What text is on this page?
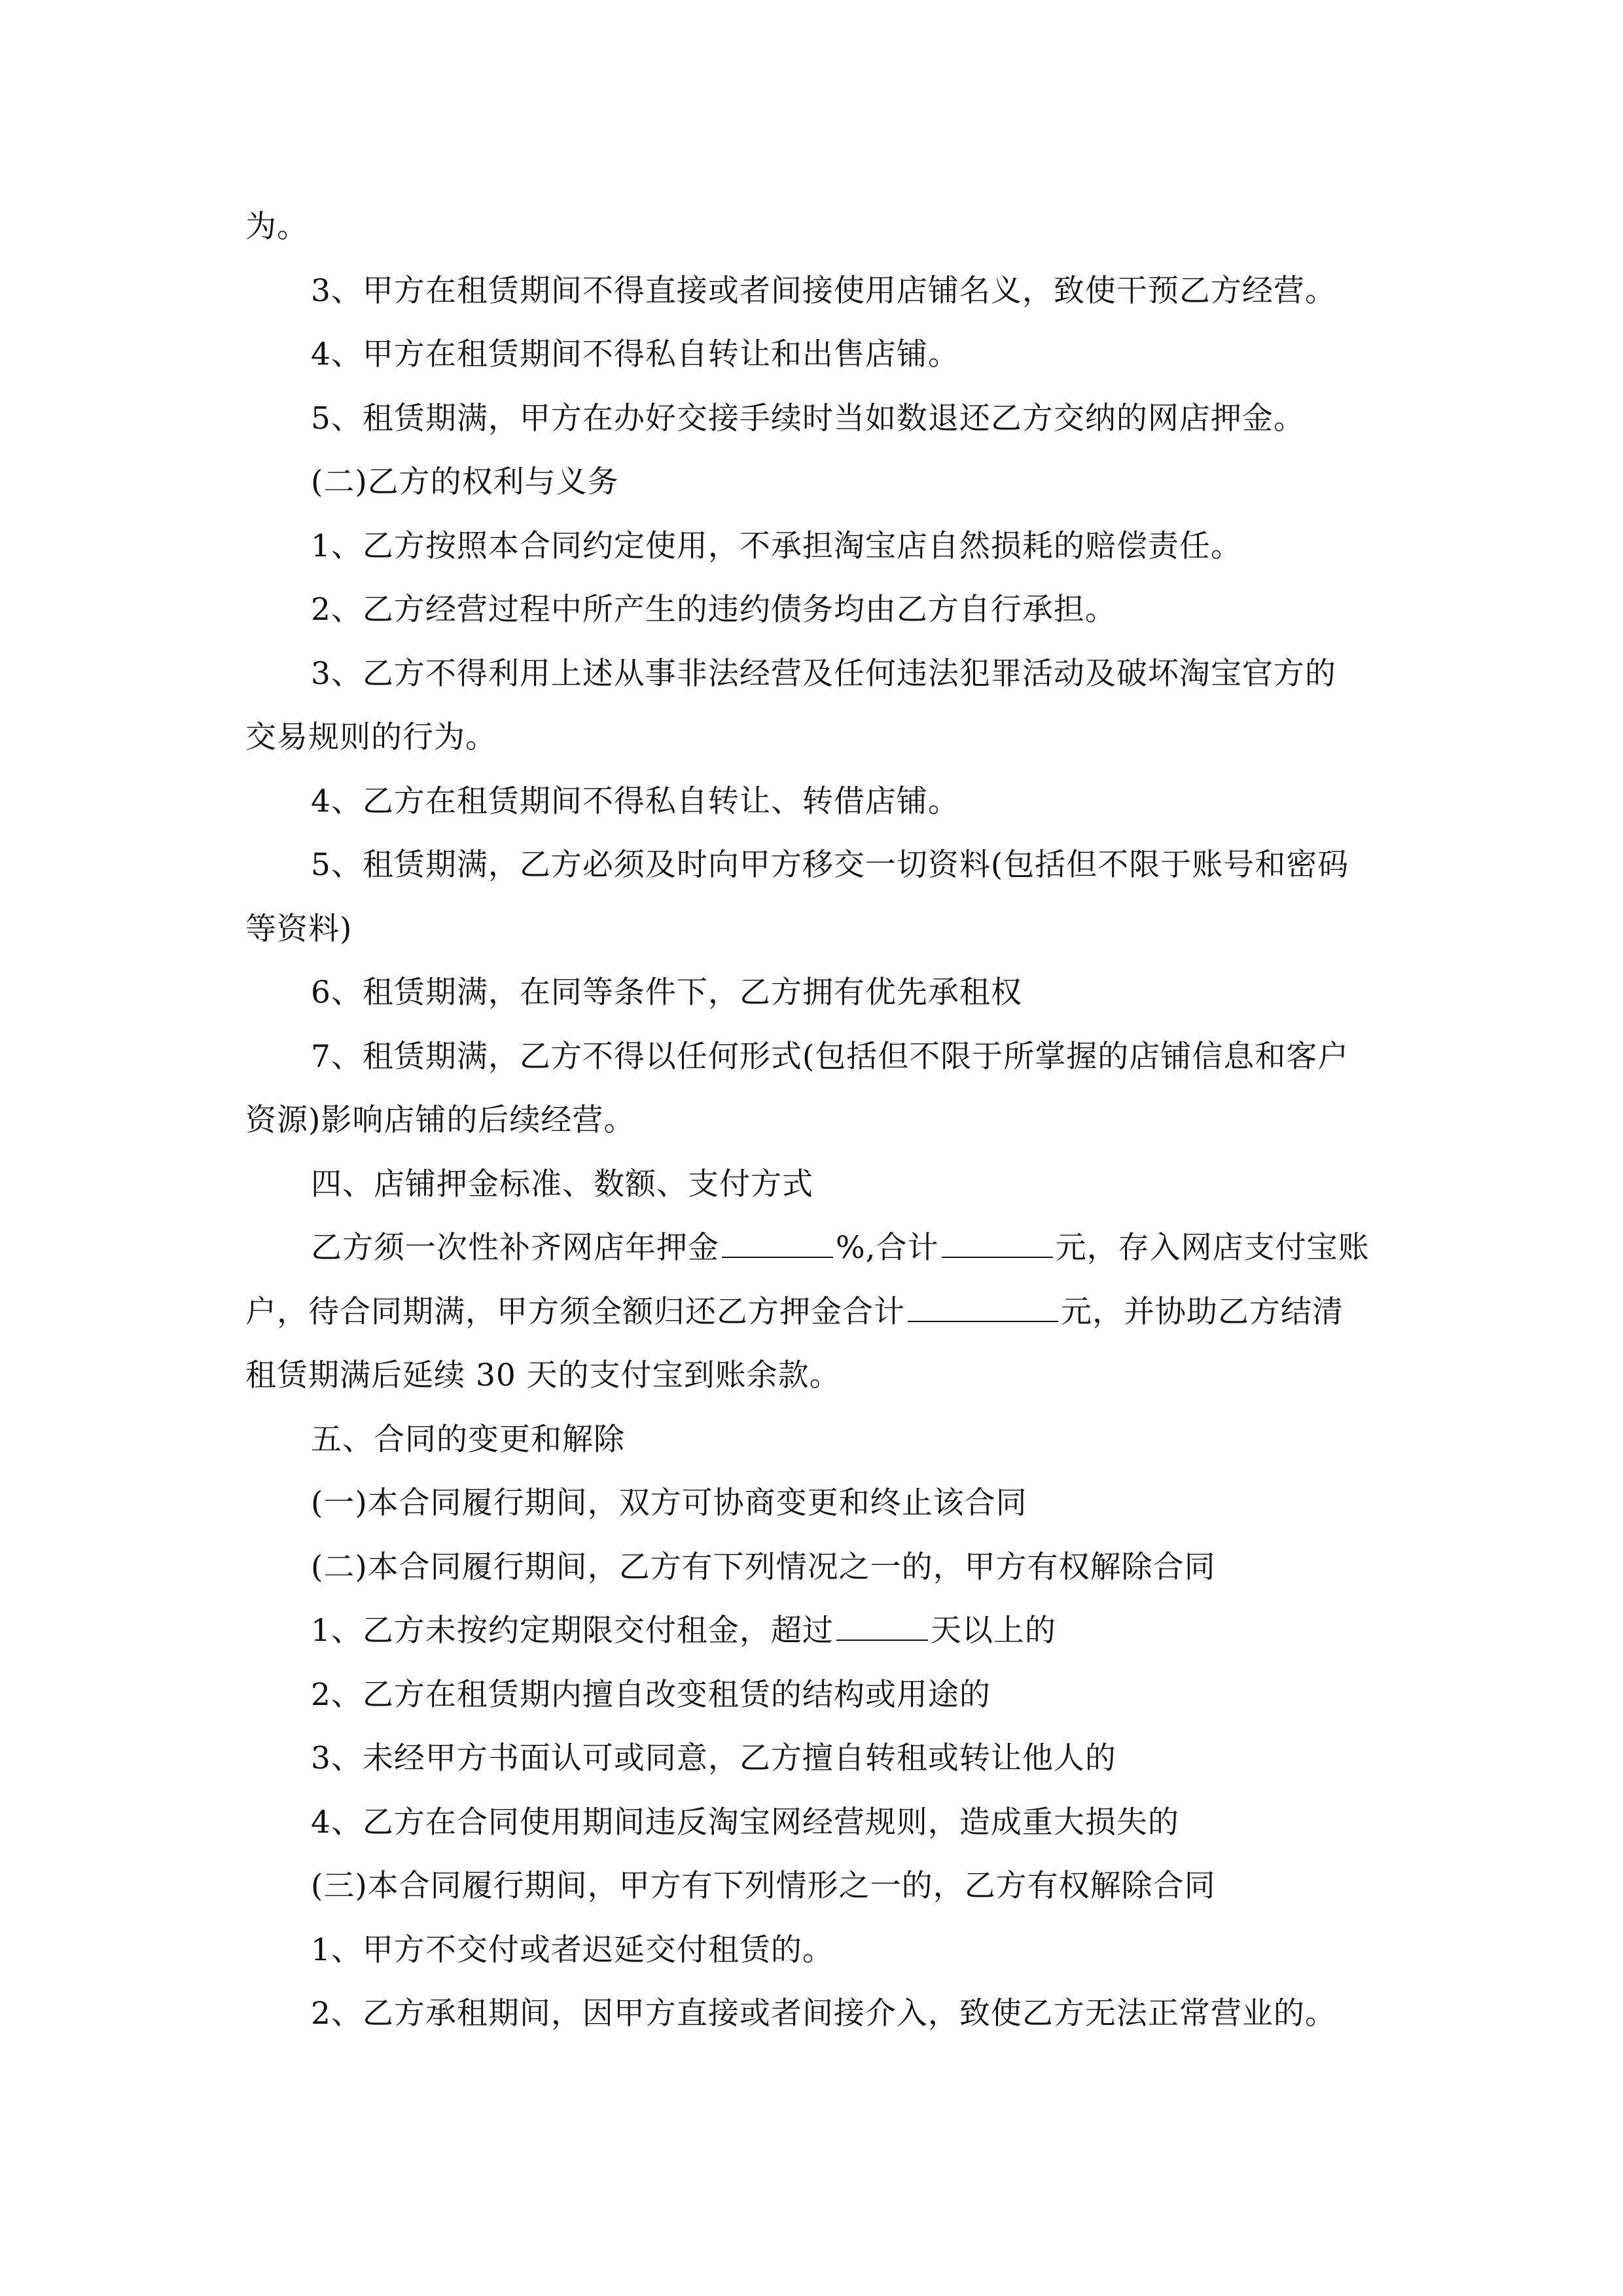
为。
3、甲方在租赁期间不得直接或者间接使用店铺名义，致使干预乙方经营。
4、甲方在租赁期间不得私自转让和出售店铺。
5、租赁期满，甲方在办好交接手续时当如数退还乙方交纳的网店押金。
(二)乙方的权利与义务
1、乙方按照本合同约定使用，不承担淘宝店自然损耗的赔偿责任。
2、乙方经营过程中所产生的违约债务均由乙方自行承担。
3、乙方不得利用上述从事非法经营及任何违法犯罪活动及破坏淘宝官方的
交易规则的行为。
4、乙方在租赁期间不得私自转让、转借店铺。
5、租赁期满，乙方必须及时向甲方移交一切资料(包括但不限于账号和密码
等资料)
6、租赁期满，在同等条件下，乙方拥有优先承租权
7、租赁期满，乙方不得以任何形式(包括但不限于所掌握的店铺信息和客户
资源)影响店铺的后续经营。
四、店铺押金标准、数额、支付方式
乙方须一次性补齐网店年押金	%,合计	元，存入网店支付宝账
户，待合同期满，甲方须全额归还乙方押金合计	元，并协助乙方结清
租赁期满后延续 30 天的支付宝到账余款。
五、合同的变更和解除
(一)本合同履行期间，双方可协商变更和终止该合同
(二)本合同履行期间，乙方有下列情况之一的，甲方有权解除合同
1、乙方未按约定期限交付租金，超过	天以上的
2、乙方在租赁期内擅自改变租赁的结构或用途的
3、未经甲方书面认可或同意，乙方擅自转租或转让他人的
4、乙方在合同使用期间违反淘宝网经营规则，造成重大损失的
(三)本合同履行期间，甲方有下列情形之一的，乙方有权解除合同
1、甲方不交付或者迟延交付租赁的。
2、乙方承租期间，因甲方直接或者间接介入，致使乙方无法正常营业的。
